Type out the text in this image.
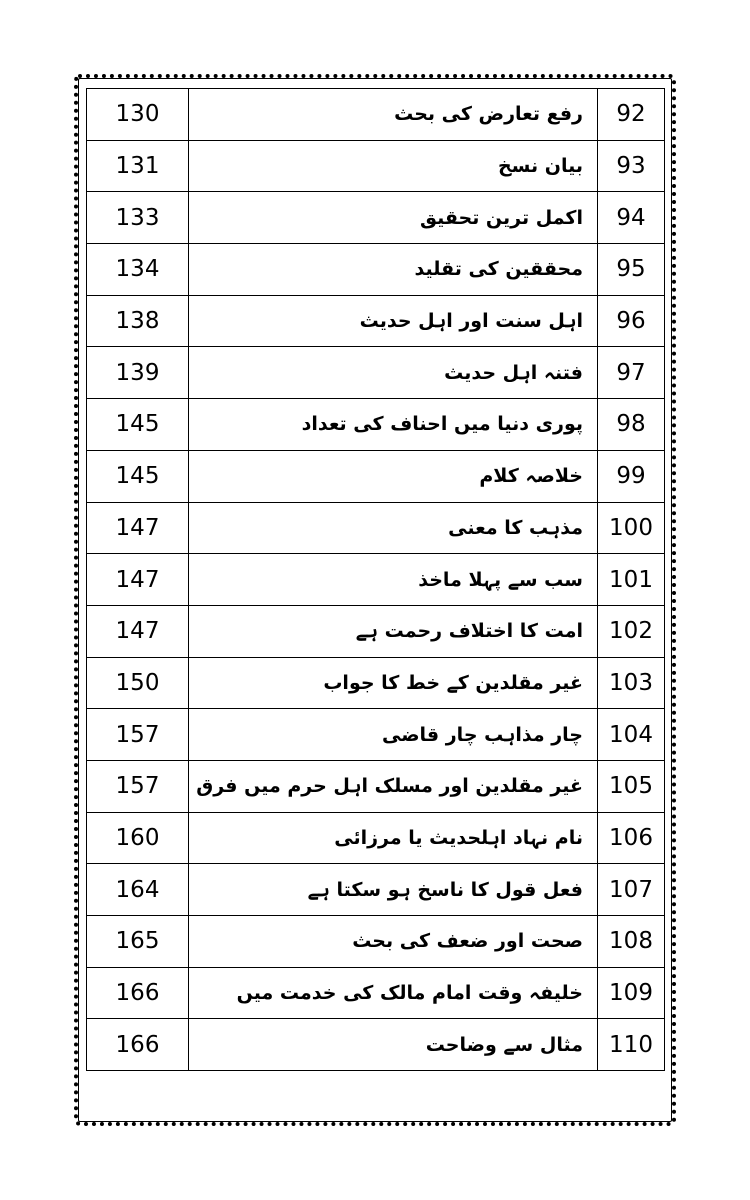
130	رفع تعارض کی بحث	92
131	بیان نسخ	93
133	اکمل ترین تحقیق	94
134	محققین کی تقلید	95
138	اہل سنت اور اہل حدیث	96
139	فتنہ اہل حدیث	97
145	پوری دنیا میں احناف کی تعداد	98
145	خلاصہ کلام	99
147	مذہب کا معنی	100
147	سب سے پہلا ماخذ	101
147	امت کا اختلاف رحمت ہے	102
150	غیر مقلدین کے خط کا جواب	103
157	چار مذاہب چار قاضی	104
157	غیر مقلدین اور مسلک اہل حرم میں فرق	105
160	نام نہاد اہلحدیث یا مرزائی	106
164	فعل قول کا ناسخ ہو سکتا ہے	107
165	صحت اور ضعف کی بحث	108
166	خلیفہ وقت امام مالک کی خدمت میں	109
166	مثال سے وضاحت	110
